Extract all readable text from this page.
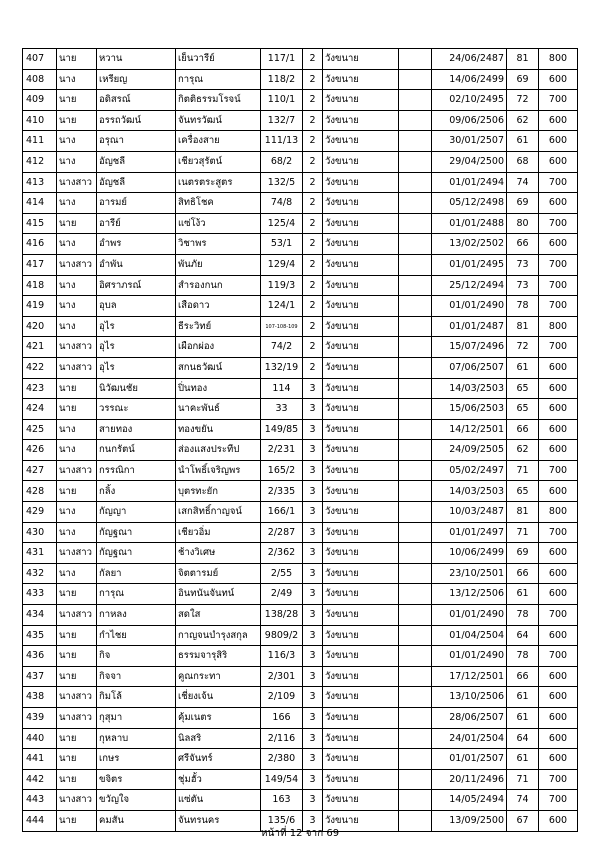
407	นาย	หวาน	เย็นวารีย์	117/1	2	วังขนาย		24/06/2487	81	800
408	นาง	เหรียญ	การุณ	118/2	2	วังขนาย		14/06/2499	69	600
409	นาย	อดิสรณ์	กิตติธรรมโรจน์	110/1	2	วังขนาย		02/10/2495	72	700
410	นาย	อรรถวัฒน์	จันทรวัฒน์	132/7	2	วังขนาย		09/06/2506	62	600
411	นาง	อรุณา	เครื่องสาย	111/13	2	วังขนาย		30/01/2507	61	600
412	นาง	อัญชลี	เชียวสุรัตน์	68/2	2	วังขนาย		29/04/2500	68	600
413	นางสาว	อัญชลี	เนตรตระสูตร	132/5	2	วังขนาย		01/01/2494	74	700
414	นาง	อารมย์	สิทธิโชค	74/8	2	วังขนาย		05/12/2498	69	600
415	นาย	อารีย์	แซ่โง้ว	125/4	2	วังขนาย		01/01/2488	80	700
416	นาง	อำพร	วิชาพร	53/1	2	วังขนาย		13/02/2502	66	600
417	นางสาว	อำพัน	พันภัย	129/4	2	วังขนาย		01/01/2495	73	700
418	นาง	อิศราภรณ์	สำรองกนก	119/3	2	วังขนาย		25/12/2494	73	700
419	นาง	อุบล	เสือดาว	124/1	2	วังขนาย		01/01/2490	78	700
420	นาง	อุไร	ธีระวิทย์	107-108-109	2	วังขนาย		01/01/2487	81	800
421	นางสาว	อุไร	เผือกผ่อง	74/2	2	วังขนาย		15/07/2496	72	700
422	นางสาว	อุไร	สกนธวัฒน์	132/19	2	วังขนาย		07/06/2507	61	600
423	นาย	นิวัฒนชัย	ปิ่นทอง	114	3	วังขนาย		14/03/2503	65	600
424	นาย	วรรณะ	นาคะพันธ์	33	3	วังขนาย		15/06/2503	65	600
425	นาง	สายทอง	ทองขยัน	149/85	3	วังขนาย		14/12/2501	66	600
426	นาง	กนกรัตน์	ส่องแสงประทีป	2/231	3	วังขนาย		24/09/2505	62	600
427	นางสาว	กรรณิกา	นำโพธิ์เจริญพร	165/2	3	วังขนาย		05/02/2497	71	700
428	นาย	กลิ้ง	บุตรทะยัก	2/335	3	วังขนาย		14/03/2503	65	600
429	นาง	กัญญา	เสกสิทธิ์กาญจน์	166/1	3	วังขนาย		10/03/2487	81	800
430	นาง	กัญฐณา	เชียวอิ่ม	2/287	3	วังขนาย		01/01/2497	71	700
431	นางสาว	กัญฐณา	ช้างวิเศษ	2/362	3	วังขนาย		10/06/2499	69	600
432	นาง	กัลยา	จิตตารมย์	2/55	3	วังขนาย		23/10/2501	66	600
433	นาย	การุณ	อินทนันจันทน์	2/49	3	วังขนาย		13/12/2506	61	600
434	นางสาว	กาหลง	สดใส	138/28	3	วังขนาย		01/01/2490	78	700
435	นาย	กำไชย	กาญจนบำรุงสกุล	9809/2	3	วังขนาย		01/04/2504	64	600
436	นาย	กิจ	ธรรมจารุสิริ	116/3	3	วังขนาย		01/01/2490	78	700
437	นาย	กิจจา	คูณกระทา	2/301	3	วังขนาย		17/12/2501	66	600
438	นางสาว	กิมโล้	เชี่ยงเจ้น	2/109	3	วังขนาย		13/10/2506	61	600
439	นางสาว	กุสุมา	คุ้มเนตร	166	3	วังขนาย		28/06/2507	61	600
440	นาย	กุหลาบ	นิลสริ	2/116	3	วังขนาย		24/01/2504	64	600
441	นาย	เกษร	ศรีจันทร์	2/380	3	วังขนาย		01/01/2507	61	600
442	นาย	ขจิตร	ชุ่มฮั้ว	149/54	3	วังขนาย		20/11/2496	71	700
443	นางสาว	ขวัญใจ	แซ่ตัน	163	3	วังขนาย		14/05/2494	74	700
444	นาย	คมสัน	จันทรนคร	135/6	3	วังขนาย		13/09/2500	67	600
หน้าที่ 12 จาก 69
